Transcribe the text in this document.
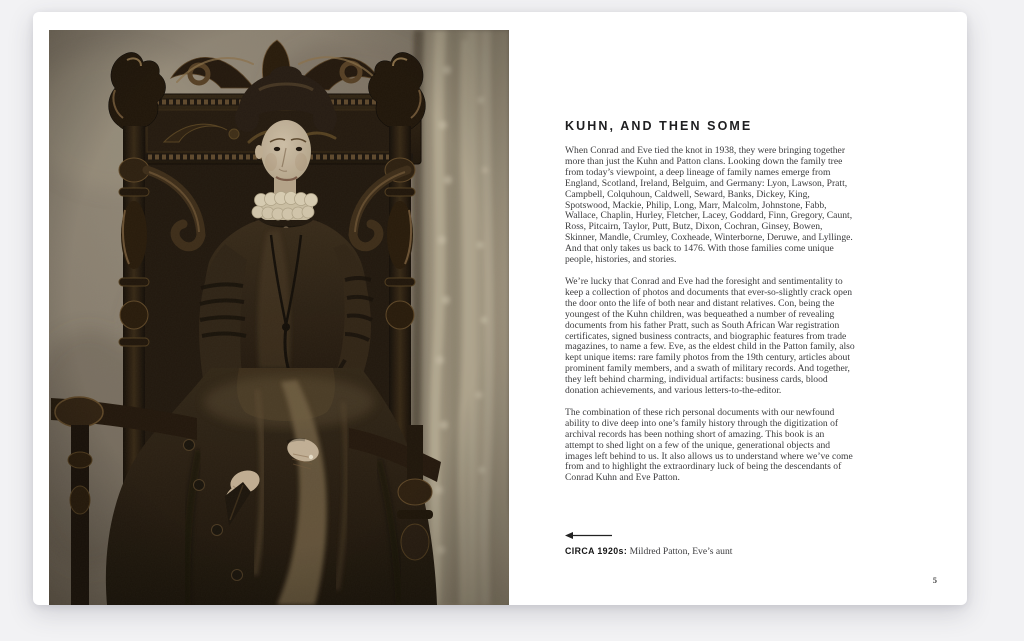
KUHN, AND THEN SOME

When Conrad and Eve tied the knot in 1938, they were bringing together more than just the Kuhn and Patton clans. Looking down the family tree from today’s viewpoint, a deep lineage of family names emerge from England, Scotland, Ireland, Belguim, and Germany: Lyon, Lawson, Pratt, Campbell, Colquhoun, Caldwell, Seward, Banks, Dickey, King, Spotswood, Mackie, Philip, Long, Marr, Malcolm, Johnstone, Fabb, Wallace, Chaplin, Hurley, Fletcher, Lacey, Goddard, Finn, Gregory, Caunt, Ross, Pitcairn, Taylor, Putt, Butz, Dixon, Cochran, Ginsey, Bowen, Skinner, Mandle, Crumley, Coxheade, Winterborne, Deruwe, and Lyllinge. And that only takes us back to 1476. With those families come unique people, histories, and stories.

We’re lucky that Conrad and Eve had the foresight and sentimentality to keep a collection of photos and documents that ever-so-slightly crack open the door onto the life of both near and distant relatives. Con, being the youngest of the Kuhn children, was bequeathed a number of revealing documents from his father Pratt, such as South African War registration certificates, signed business contracts, and biographic features from trade magazines, to name a few. Eve, as the eldest child in the Patton family, also kept unique items: rare family photos from the 19th century, articles about prominent family members, and a swath of military records. And together, they left behind charming, individual artifacts: business cards, blood donation achievements, and various letters-to-the-editor.

The combination of these rich personal documents with our newfound ability to dive deep into one’s family history through the digitization of archival records has been nothing short of amazing. This book is an attempt to shed light on a few of the unique, generational objects and images left behind to us. It also allows us to understand where we’ve come from and to highlight the extraordinary luck of being the descendants of Conrad Kuhn and Eve Patton.

CIRCA 1920s: Mildred Patton, Eve’s aunt

5
